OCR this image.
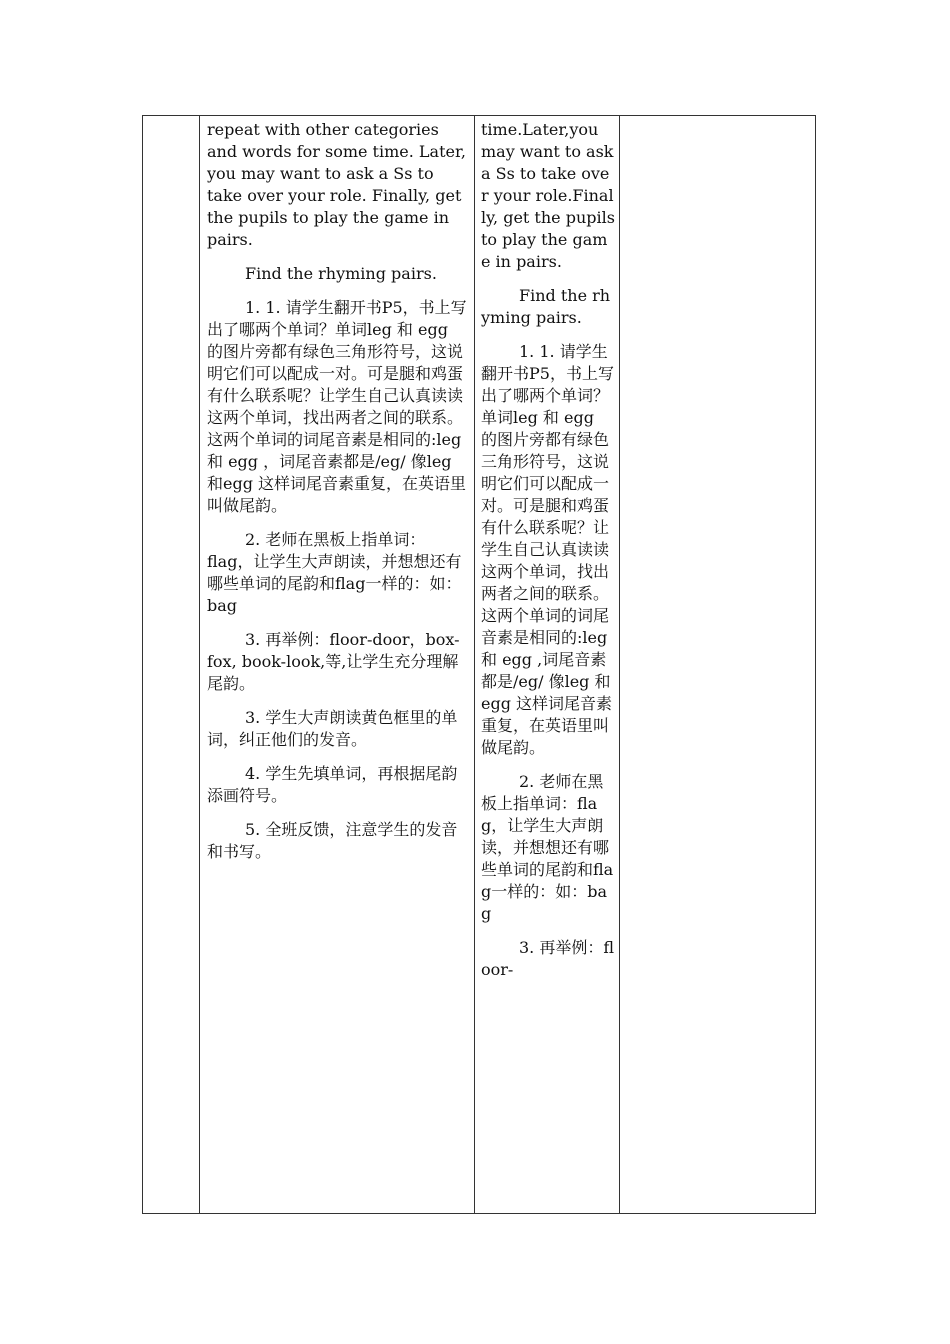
repeat with other categories and words for some time. Later, you may want to ask a Ss to take over your role. Finally, get the pupils to play the game in pairs.

Find the rhyming pairs.

1. 1. 请学生翻开书P5，书上写出了哪两个单词？单词leg 和 egg 的图片旁都有绿色三角形符号，这说明它们可以配成一对。可是腿和鸡蛋有什么联系呢？让学生自己认真读读这两个单词，找出两者之间的联系。这两个单词的词尾音素是相同的:leg 和 egg ，词尾音素都是/eg/ 像leg 和egg 这样词尾音素重复，在英语里叫做尾韵。

2. 老师在黑板上指单词：flag，让学生大声朗读，并想想还有哪些单词的尾韵和flag一样的：如：bag

3. 再举例：floor-door，box-fox, book-look,等,让学生充分理解尾韵。

3. 学生大声朗读黄色框里的单词，纠正他们的发音。

4. 学生先填单词，再根据尾韵添画符号。

5. 全班反馈，注意学生的发音和书写。

time.Later,you may want to ask a Ss to take over your role.Finally, get the pupils to play the game in pairs.

Find the rhyming pairs.

1. 1. 请学生翻开书P5，书上写出了哪两个单词？单词leg 和 egg 的图片旁都有绿色三角形符号，这说明它们可以配成一对。可是腿和鸡蛋有什么联系呢？让学生自己认真读读这两个单词，找出两者之间的联系。这两个单词的词尾音素是相同的:leg 和 egg ,词尾音素都是/eg/ 像leg 和egg 这样词尾音素重复，在英语里叫做尾韵。

2. 老师在黑板上指单词：flag，让学生大声朗读，并想想还有哪些单词的尾韵和flag一样的：如：bag

3. 再举例：floor-
